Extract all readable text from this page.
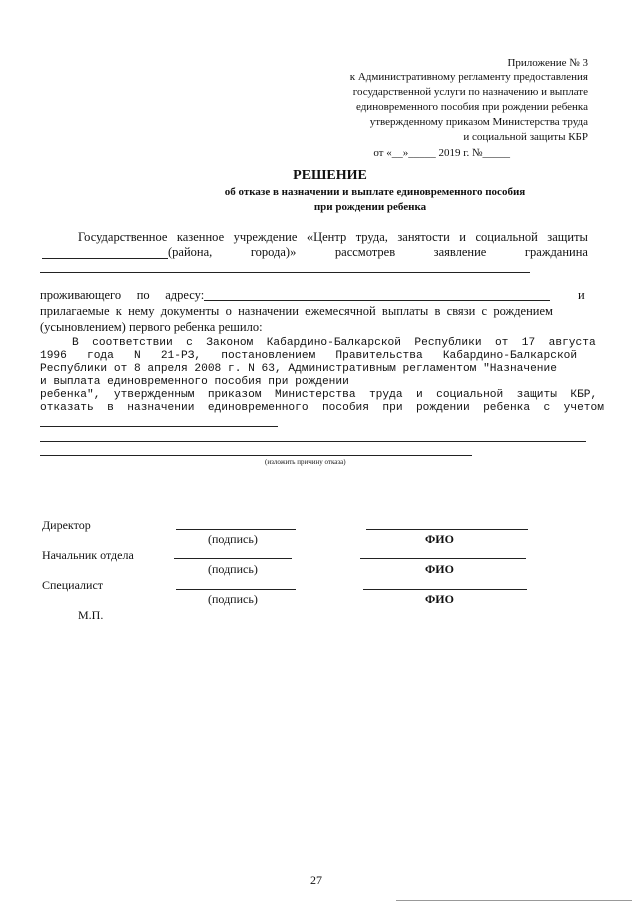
Приложение № 3
к Административному регламенту предоставления
государственной услуги по назначению и выплате
единовременного пособия при рождении ребенка
утвержденному приказом Министерства труда
и социальной защиты КБР
от «__»_____ 2019 г. №_____
РЕШЕНИЕ
об отказе в назначении и выплате единовременного пособия
при рождении ребенка
Государственное казенное учреждение «Центр труда, занятости и социальной защиты
(района,	города)»	рассмотрев	заявление	гражданина
проживающего     по     адресу:	и
прилагаемые  к  нему  документы  о  назначении  ежемесячной  выплаты  в  связи  с  рождением
(усыновлением) первого ребенка решило:
В  соответствии  с  Законом  Кабардино-Балкарской  Республики  от  17  августа
1996   года   N   21-РЗ,   постановлением   Правительства   Кабардино-Балкарской
Республики от 8 апреля 2008 г. N 63, Административным регламентом "Назначение
и выплата единовременного пособия при рождении
ребенка",  утвержденным  приказом  Министерства  труда  и  социальной  защиты  КБР,
отказать  в  назначении  единовременного  пособия  при  рождении  ребенка  с  учетом
(изложить причину отказа)
Директор
(подпись)	ФИО
Начальник отдела
(подпись)	ФИО
Специалист
(подпись)	ФИО
М.П.
27
